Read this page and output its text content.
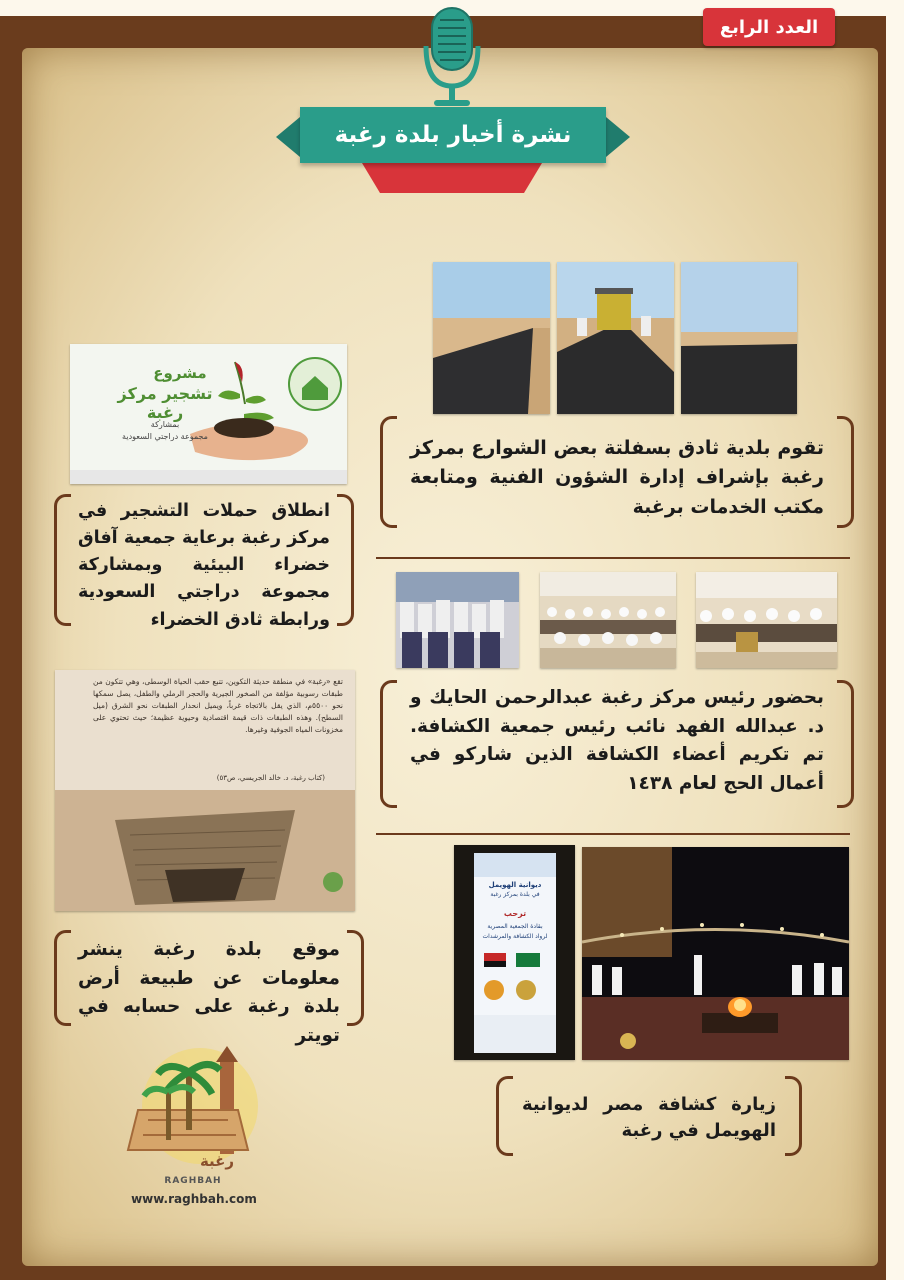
العدد الرابع
نشرة أخبار بلدة رغبة
تقوم بلدية ثادق بسفلتة بعض الشوارع بمركز رغبة بإشراف إدارة الشؤون الفنية ومتابعة مكتب الخدمات برغبة
مشروع
تشجير مركز رغبة
بمشاركة
مجموعة دراجتي السعودية
انطلاق حملات التشجير في مركز رغبة برعاية جمعية آفاق خضراء البيئية وبمشاركة مجموعة دراجتي السعودية ورابطة ثادق الخضراء
بحضور رئيس مركز رغبة عبدالرحمن الحايك و د. عبدالله الفهد نائب رئيس جمعية الكشافة. تم تكريم أعضاء الكشافة الذين شاركو في أعمال الحج لعام ١٤٣٨
تقع «رغبة» في منطقة حديثة التكوين، تتبع حقب الحياة الوسطى، وهي تتكون من طبقات رسوبية مؤلفة من الصخور الجيرية والحجر الرملي والطفل، يصل سمكها نحو ٥٥٠٠م، الذي يقل بالاتجاه غرباً، ويميل انحدار الطبقات نحو الشرق (ميل السطح). وهذه الطبقات ذات قيمة اقتصادية وحيوية عظيمة؛ حيث تحتوي على مخزونات المياه الجوفية وغيرها.
(كتاب رغبة، د. خالد الجريسي، ص٥٣)
موقع بلدة رغبة ينشر معلومات عن طبيعة أرض بلدة رغبة على حسابه في تويتر
ديوانية الهويمل
في بلدة بمركز رغبة
ترحب
بقادة الجمعية المصرية
لرواد الكشافة والمرشدات
زيارة كشافة مصر لديوانية الهويمل في رغبة
رغبة
RAGHBAH
www.raghbah.com
